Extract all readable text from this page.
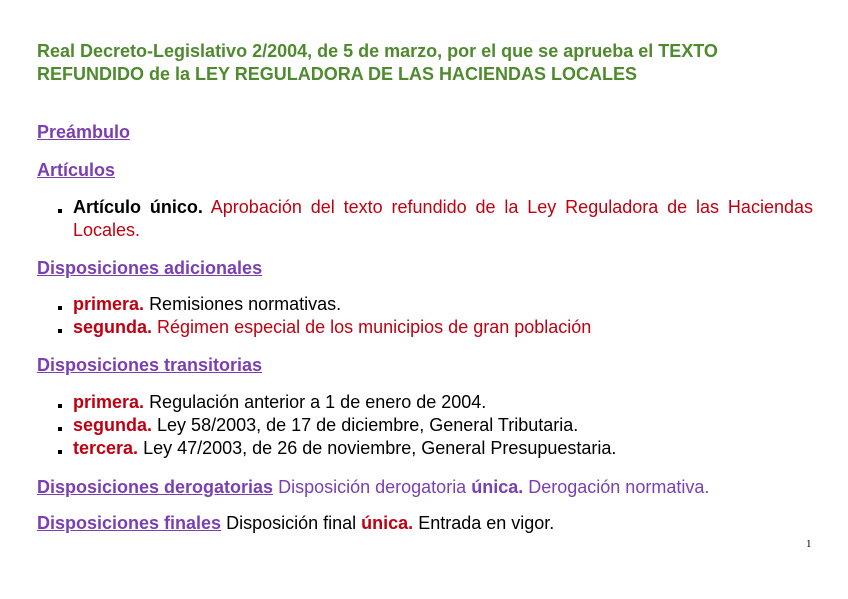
Real Decreto-Legislativo 2/2004, de 5 de marzo, por el que se aprueba el TEXTO REFUNDIDO de la LEY REGULADORA DE LAS HACIENDAS LOCALES
Preámbulo
Artículos
Artículo único. Aprobación del texto refundido de la Ley Reguladora de las Haciendas Locales.
Disposiciones adicionales
primera. Remisiones normativas.
segunda. Régimen especial de los municipios de gran población
Disposiciones transitorias
primera. Regulación anterior a 1 de enero de 2004.
segunda. Ley 58/2003, de 17 de diciembre, General Tributaria.
tercera. Ley 47/2003, de 26 de noviembre, General Presupuestaria.
Disposiciones derogatorias Disposición derogatoria única. Derogación normativa.
Disposiciones finales Disposición final única. Entrada en vigor.
1
